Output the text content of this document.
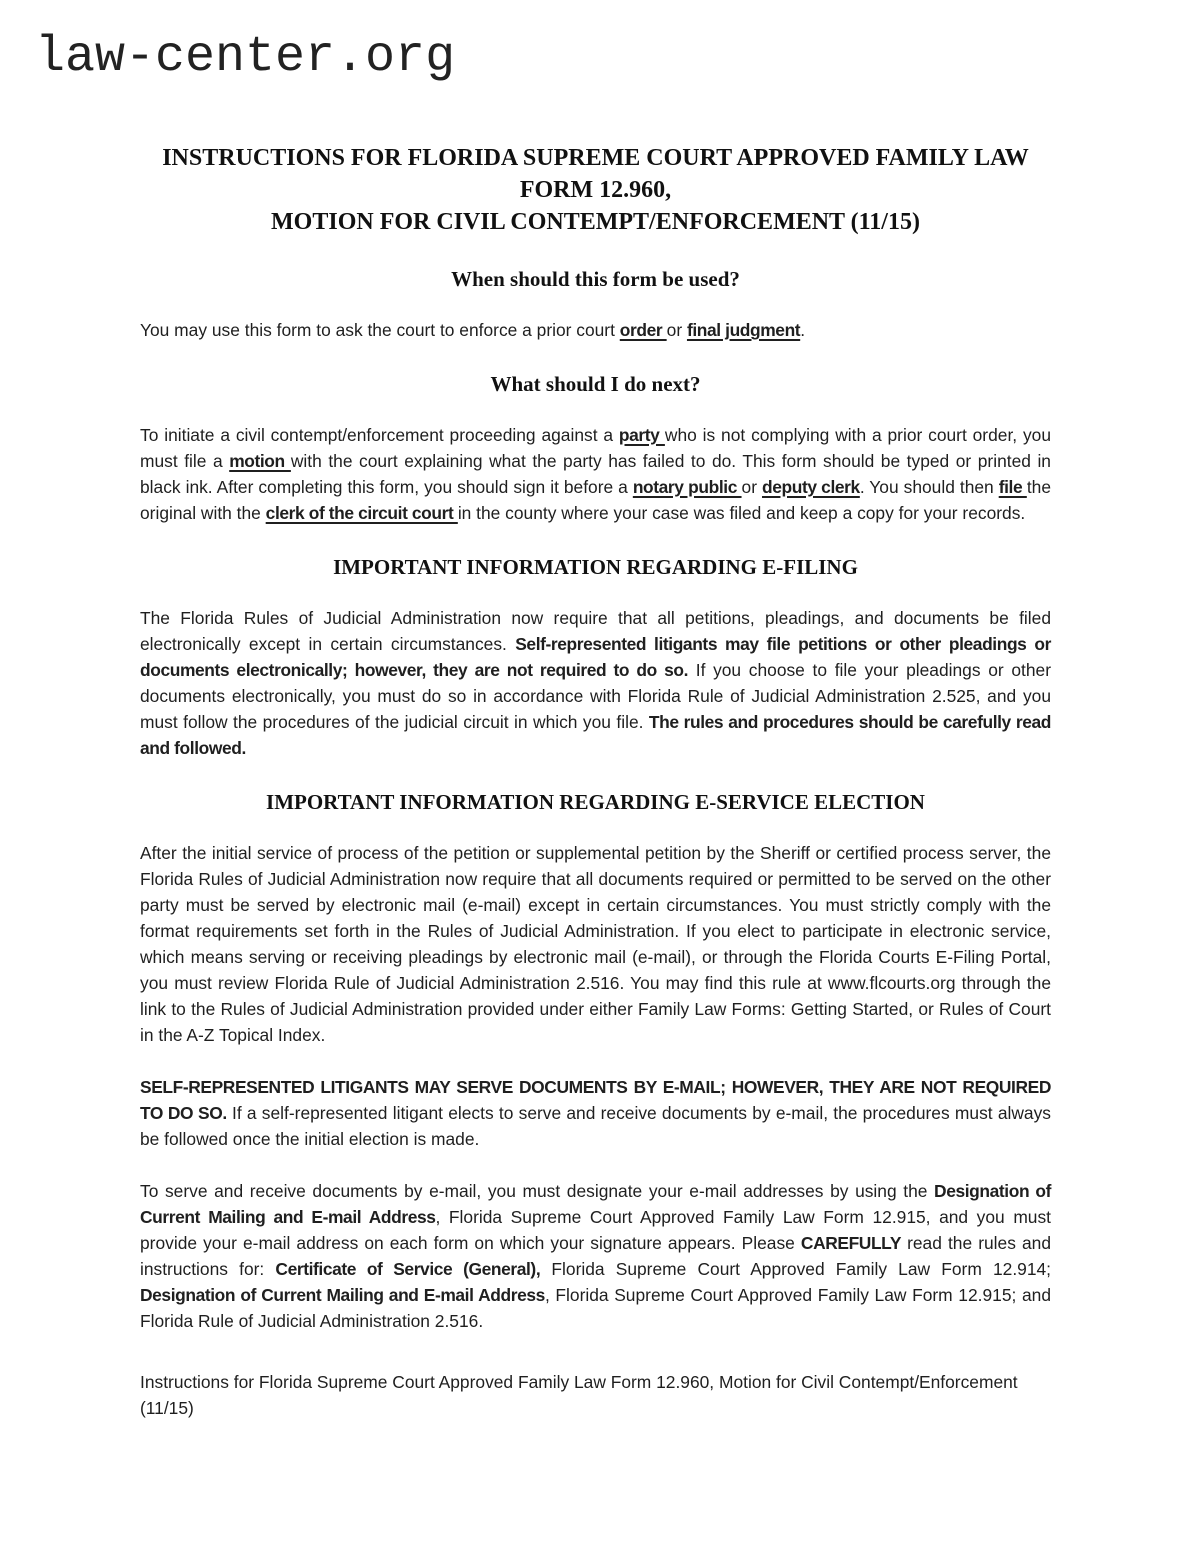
law-center.org
INSTRUCTIONS FOR FLORIDA SUPREME COURT APPROVED FAMILY LAW
FORM 12.960,
MOTION FOR CIVIL CONTEMPT/ENFORCEMENT (11/15)
When should this form be used?

You may use this form to ask the court to enforce a prior court order or final judgment.

What should I do next?

To initiate a civil contempt/enforcement proceeding against a party who is not complying with a prior court order, you must file a motion with the court explaining what the party has failed to do. This form should be typed or printed in black ink. After completing this form, you should sign it before a notary public or deputy clerk. You should then file the original with the clerk of the circuit court in the county where your case was filed and keep a copy for your records.

IMPORTANT INFORMATION REGARDING E-FILING

The Florida Rules of Judicial Administration now require that all petitions, pleadings, and documents be filed electronically except in certain circumstances. Self-represented litigants may file petitions or other pleadings or documents electronically; however, they are not required to do so. If you choose to file your pleadings or other documents electronically, you must do so in accordance with Florida Rule of Judicial Administration 2.525, and you must follow the procedures of the judicial circuit in which you file. The rules and procedures should be carefully read and followed.

IMPORTANT INFORMATION REGARDING E-SERVICE ELECTION

After the initial service of process of the petition or supplemental petition by the Sheriff or certified process server, the Florida Rules of Judicial Administration now require that all documents required or permitted to be served on the other party must be served by electronic mail (e-mail) except in certain circumstances. You must strictly comply with the format requirements set forth in the Rules of Judicial Administration. If you elect to participate in electronic service, which means serving or receiving pleadings by electronic mail (e-mail), or through the Florida Courts E-Filing Portal, you must review Florida Rule of Judicial Administration 2.516. You may find this rule at www.flcourts.org through the link to the Rules of Judicial Administration provided under either Family Law Forms: Getting Started, or Rules of Court in the A-Z Topical Index.

SELF-REPRESENTED LITIGANTS MAY SERVE DOCUMENTS BY E-MAIL; HOWEVER, THEY ARE NOT REQUIRED TO DO SO. If a self-represented litigant elects to serve and receive documents by e-mail, the procedures must always be followed once the initial election is made.

To serve and receive documents by e-mail, you must designate your e-mail addresses by using the Designation of Current Mailing and E-mail Address, Florida Supreme Court Approved Family Law Form 12.915, and you must provide your e-mail address on each form on which your signature appears. Please CAREFULLY read the rules and instructions for: Certificate of Service (General), Florida Supreme Court Approved Family Law Form 12.914; Designation of Current Mailing and E-mail Address, Florida Supreme Court Approved Family Law Form 12.915; and Florida Rule of Judicial Administration 2.516.

Instructions for Florida Supreme Court Approved Family Law Form 12.960, Motion for Civil Contempt/Enforcement (11/15)
